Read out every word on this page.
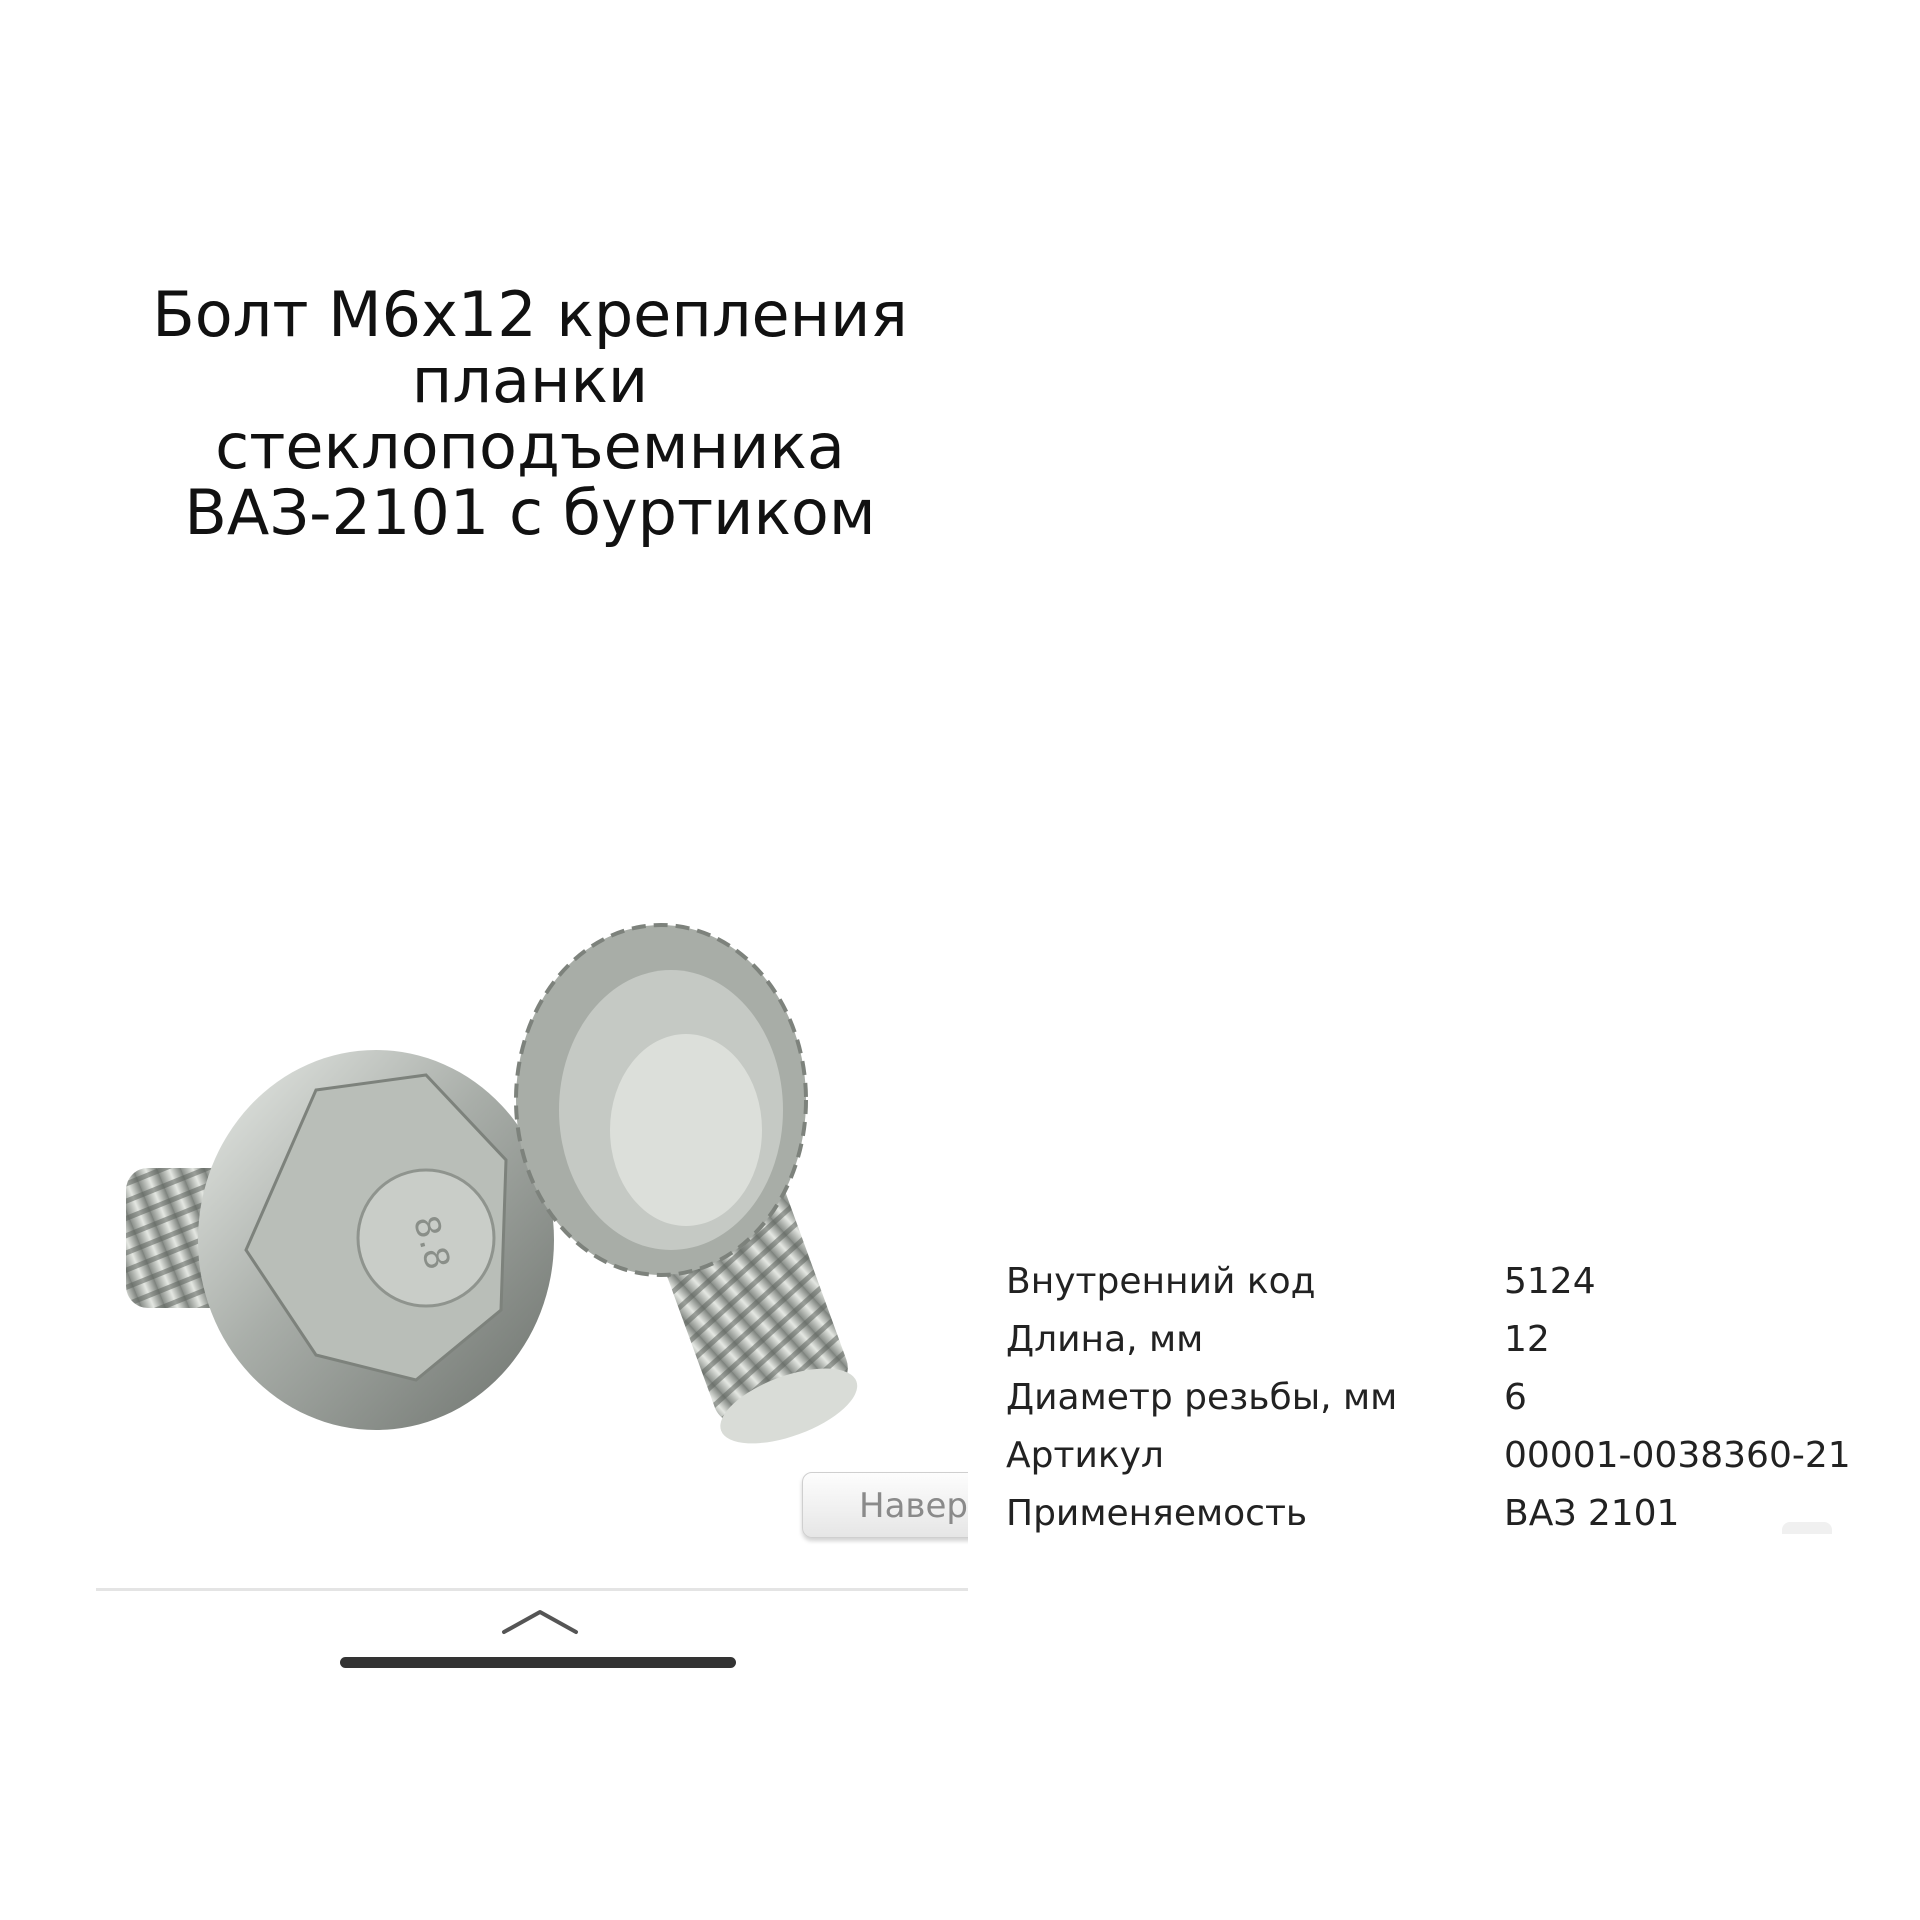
Болт М6х12 крепления
планки
стеклоподъемника
ВАЗ-2101 с буртиком
8.8
Навер
Внутренний код	5124
Длина, мм	12
Диаметр резьбы, мм	6
Артикул	00001-0038360-21
Применяемость	ВАЗ 2101
